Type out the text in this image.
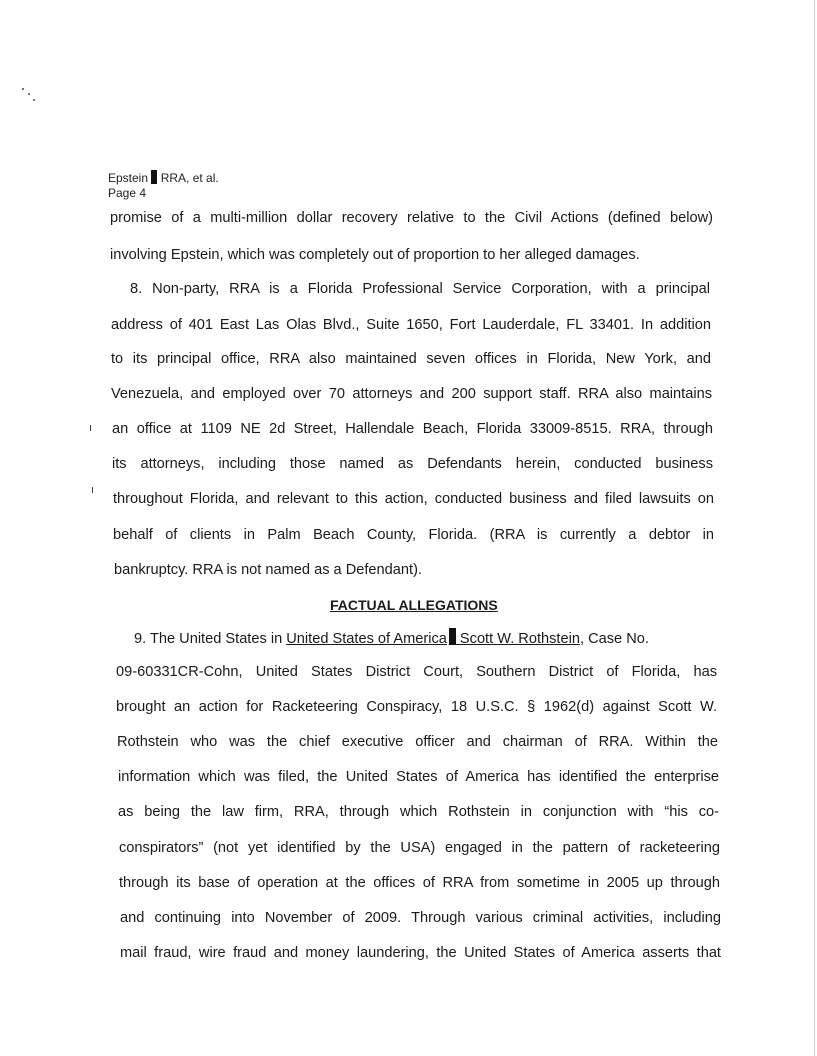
Epstein  RRA, et al.
Page 4
promise of a multi-million dollar recovery relative to the Civil Actions (defined below)
involving Epstein, which was completely out of proportion to her alleged damages.
8. Non-party, RRA is a Florida Professional Service Corporation, with a principal
address of 401 East Las Olas Blvd., Suite 1650, Fort Lauderdale, FL 33401. In addition
to its principal office, RRA also maintained seven offices in Florida, New York, and
Venezuela, and employed over 70 attorneys and 200 support staff. RRA also maintains
an office at 1109 NE 2d Street, Hallendale Beach, Florida 33009-8515. RRA, through
its attorneys, including those named as Defendants herein, conducted business
throughout Florida, and relevant to this action, conducted business and filed lawsuits on
behalf of clients in Palm Beach County, Florida. (RRA is currently a debtor in
bankruptcy. RRA is not named as a Defendant).
FACTUAL ALLEGATIONS
9. The United States in United States of America Scott W. Rothstein, Case No.
09-60331CR-Cohn, United States District Court, Southern District of Florida, has
brought an action for Racketeering Conspiracy, 18 U.S.C. § 1962(d) against Scott W.
Rothstein who was the chief executive officer and chairman of RRA. Within the
information which was filed, the United States of America has identified the enterprise
as being the law firm, RRA, through which Rothstein in conjunction with “his co-
conspirators” (not yet identified by the USA) engaged in the pattern of racketeering
through its base of operation at the offices of RRA from sometime in 2005 up through
and continuing into November of 2009. Through various criminal activities, including
mail fraud, wire fraud and money laundering, the United States of America asserts that
